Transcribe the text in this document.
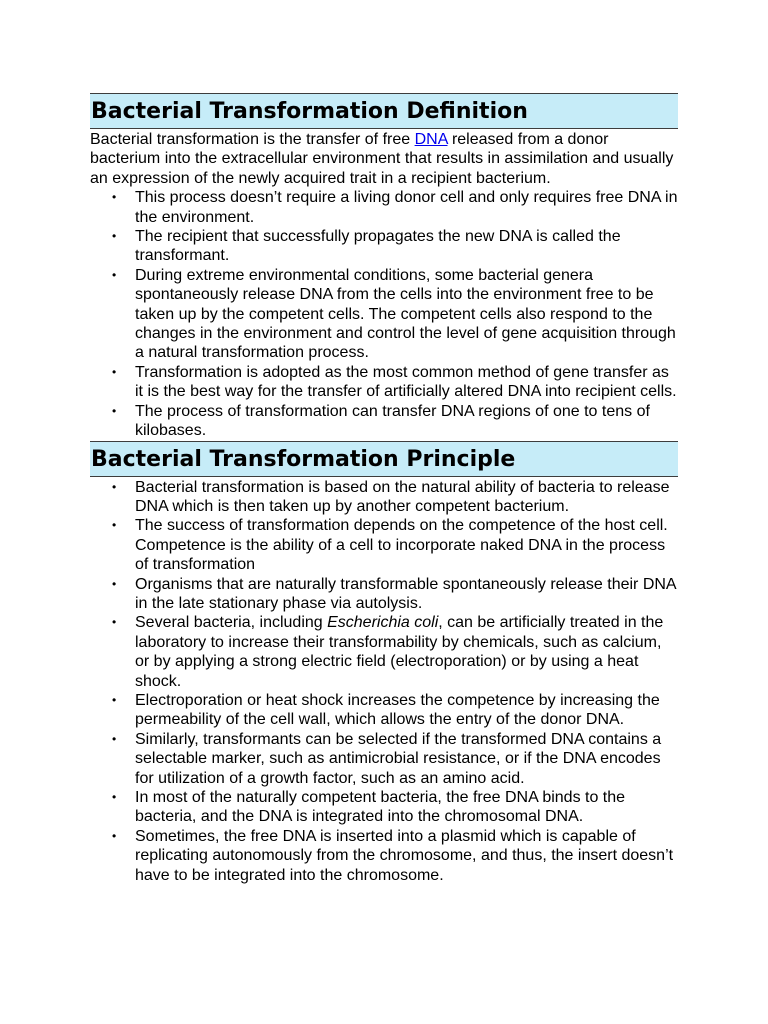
Bacterial Transformation Definition

Bacterial transformation is the transfer of free DNA released from a donor bacterium into the extracellular environment that results in assimilation and usually an expression of the newly acquired trait in a recipient bacterium.

• This process doesn’t require a living donor cell and only requires free DNA in the environment.
• The recipient that successfully propagates the new DNA is called the transformant.
• During extreme environmental conditions, some bacterial genera spontaneously release DNA from the cells into the environment free to be taken up by the competent cells. The competent cells also respond to the changes in the environment and control the level of gene acquisition through a natural transformation process.
• Transformation is adopted as the most common method of gene transfer as it is the best way for the transfer of artificially altered DNA into recipient cells.
• The process of transformation can transfer DNA regions of one to tens of kilobases.
Bacterial Transformation Principle
• Bacterial transformation is based on the natural ability of bacteria to release DNA which is then taken up by another competent bacterium.
• The success of transformation depends on the competence of the host cell. Competence is the ability of a cell to incorporate naked DNA in the process of transformation
• Organisms that are naturally transformable spontaneously release their DNA in the late stationary phase via autolysis.
• Several bacteria, including Escherichia coli, can be artificially treated in the laboratory to increase their transformability by chemicals, such as calcium, or by applying a strong electric field (electroporation) or by using a heat shock.
• Electroporation or heat shock increases the competence by increasing the permeability of the cell wall, which allows the entry of the donor DNA.
• Similarly, transformants can be selected if the transformed DNA contains a selectable marker, such as antimicrobial resistance, or if the DNA encodes for utilization of a growth factor, such as an amino acid.
• In most of the naturally competent bacteria, the free DNA binds to the bacteria, and the DNA is integrated into the chromosomal DNA.
• Sometimes, the free DNA is inserted into a plasmid which is capable of replicating autonomously from the chromosome, and thus, the insert doesn’t have to be integrated into the chromosome.
